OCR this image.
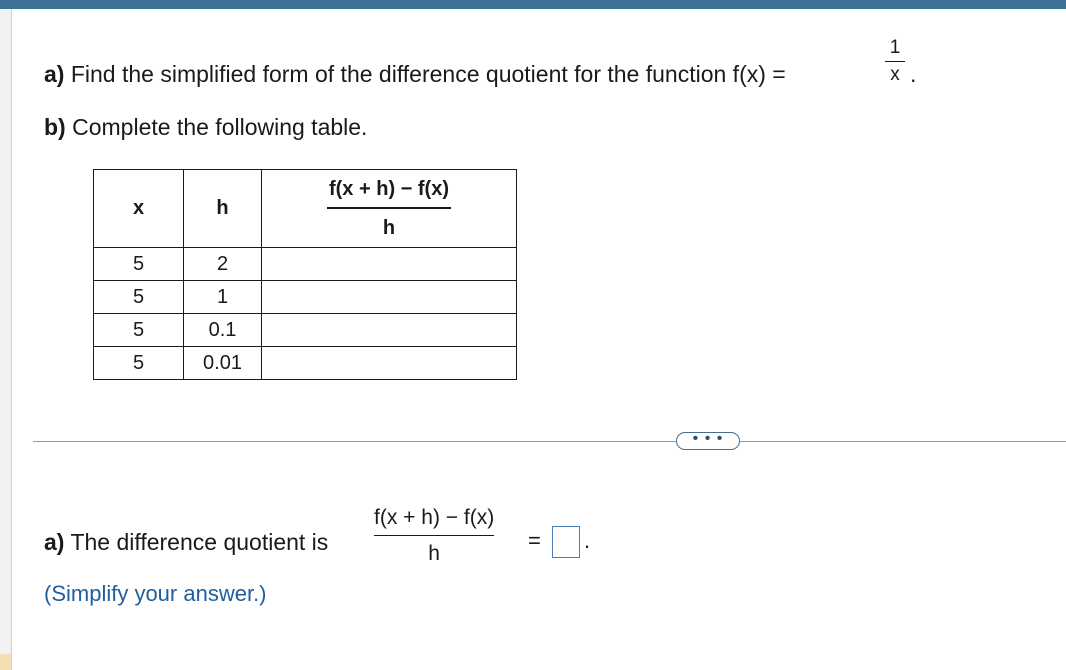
a) Find the simplified form of the difference quotient for the function f(x) =
1
x .
b) Complete the following table.
x	h	$\frac{f(x + h) - f(x)}{h}$

5	2	
5	1	
5	0.1	
5	0.01	
• • •
a) The difference quotient is
f(x + h) − f(x)
h
= .
(Simplify your answer.)
